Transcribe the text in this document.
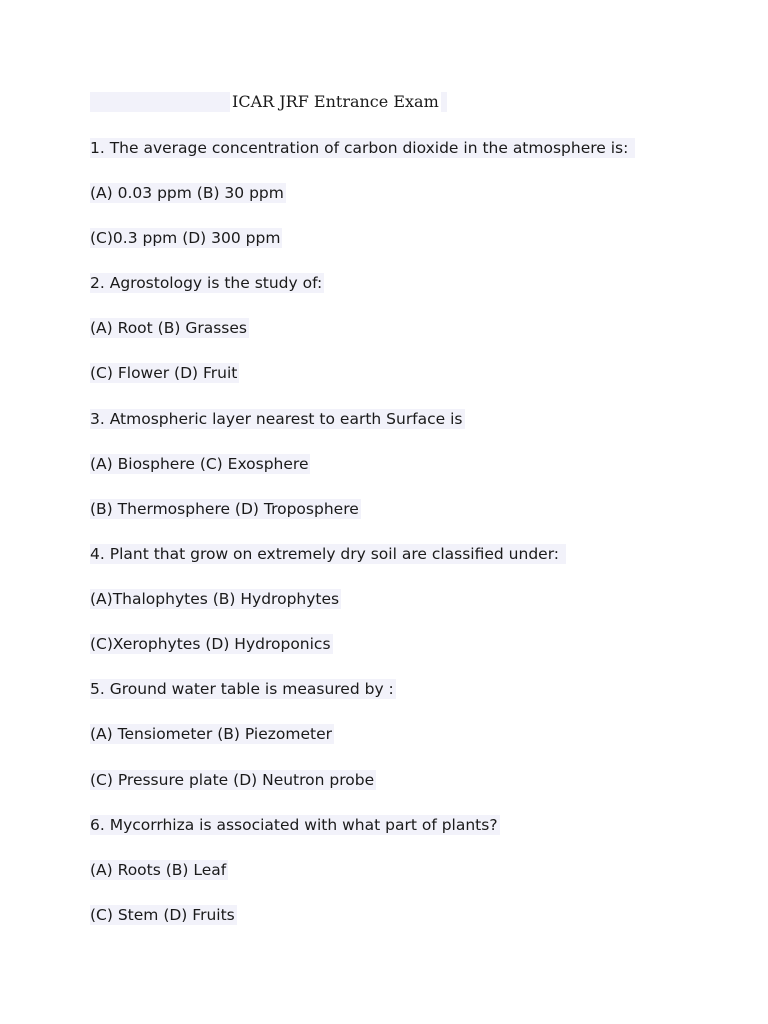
ICAR JRF Entrance Exam
1. The average concentration of carbon dioxide in the atmosphere is:
(A) 0.03 ppm (B) 30 ppm
(C)0.3 ppm (D) 300 ppm
2. Agrostology is the study of:
(A) Root (B) Grasses
(C) Flower (D) Fruit
3. Atmospheric layer nearest to earth Surface is
(A) Biosphere (C) Exosphere
(B) Thermosphere (D) Troposphere
4. Plant that grow on extremely dry soil are classified under:
(A)Thalophytes (B) Hydrophytes
(C)Xerophytes (D) Hydroponics
5. Ground water table is measured by :
(A) Tensiometer (B) Piezometer
(C) Pressure plate (D) Neutron probe
6. Mycorrhiza is associated with what part of plants?
(A) Roots (B) Leaf
(C) Stem (D) Fruits
